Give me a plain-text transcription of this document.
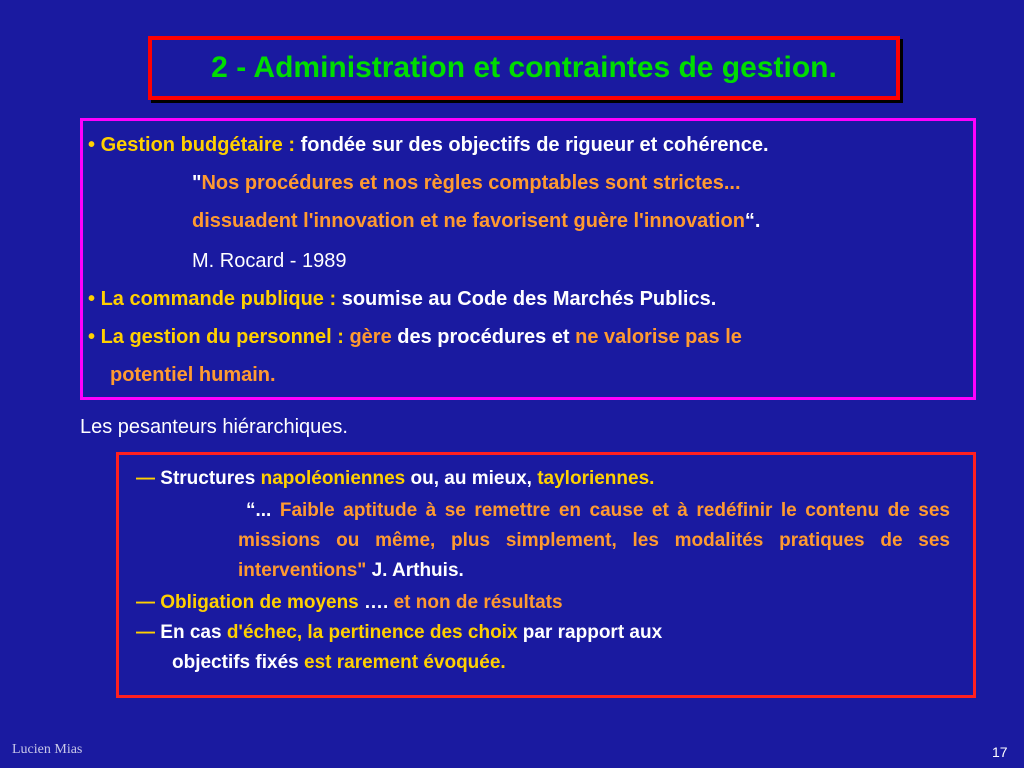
2 - Administration et contraintes de gestion.
• Gestion budgétaire : fondée sur des objectifs de rigueur et cohérence.
"Nos procédures et nos règles comptables sont strictes...
dissuadent l'innovation et ne favorisent guère l'innovation“.
M. Rocard - 1989
• La commande publique : soumise au Code des Marchés Publics.
• La gestion du personnel : gère des procédures et ne valorise pas le
potentiel humain.
Les pesanteurs hiérarchiques.
— Structures napoléoniennes ou, au mieux, tayloriennes.
“... Faible aptitude à se remettre en cause et à redéfinir le contenu de ses missions ou même, plus simplement, les modalités pratiques de ses interventions" J. Arthuis.
— Obligation de moyens …. et non de résultats
— En cas d'échec, la pertinence des choix par rapport aux
objectifs fixés est rarement évoquée.
Lucien Mias	17
